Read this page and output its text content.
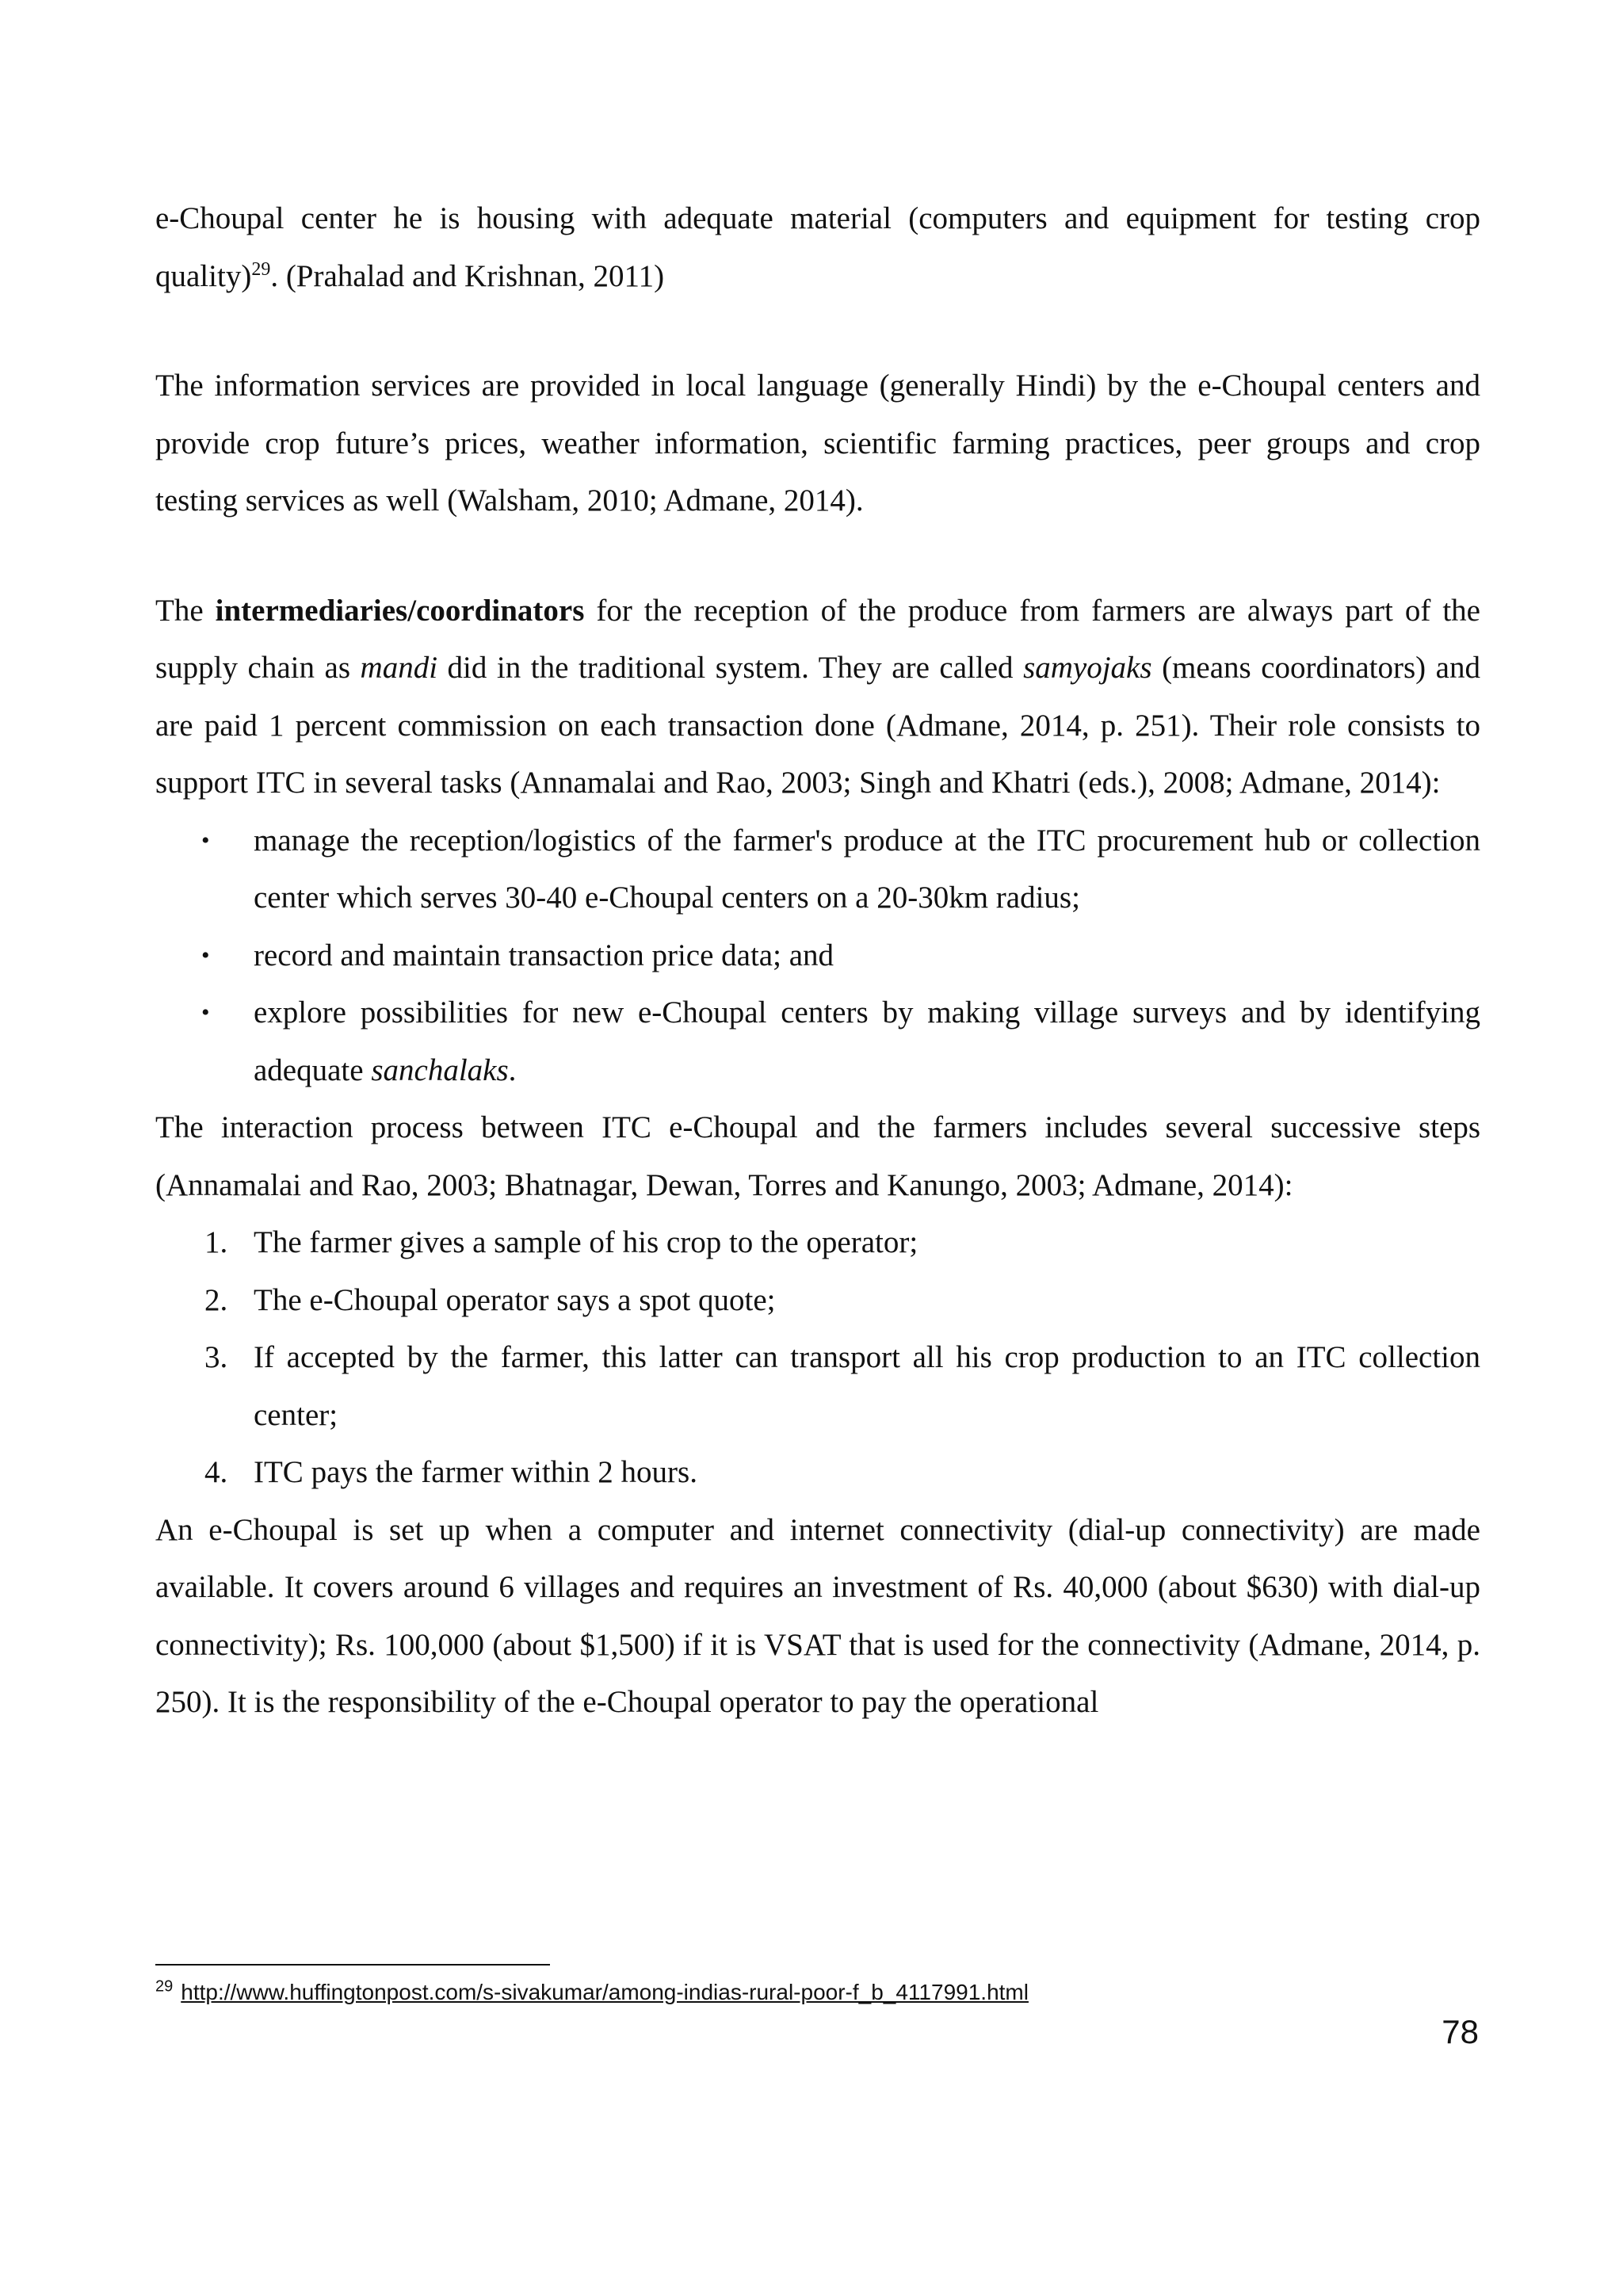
e-Choupal center he is housing with adequate material (computers and equipment for testing crop quality)$^{29}$. (Prahalad and Krishnan, 2011)

The information services are provided in local language (generally Hindi) by the e-Choupal centers and provide crop future’s prices, weather information, scientific farming practices, peer groups and crop testing services as well (Walsham, 2010; Admane, 2014).

The intermediaries/coordinators for the reception of the produce from farmers are always part of the supply chain as mandi did in the traditional system. They are called samyojaks (means coordinators) and are paid 1 percent commission on each transaction done (Admane, 2014, p. 251). Their role consists to support ITC in several tasks (Annamalai and Rao, 2003; Singh and Khatri (eds.), 2008; Admane, 2014):

• manage the reception/logistics of the farmer's produce at the ITC procurement hub or collection center which serves 30-40 e-Choupal centers on a 20-30km radius;
• record and maintain transaction price data; and
• explore possibilities for new e-Choupal centers by making village surveys and by identifying adequate sanchalaks.

The interaction process between ITC e-Choupal and the farmers includes several successive steps (Annamalai and Rao, 2003; Bhatnagar, Dewan, Torres and Kanungo, 2003; Admane, 2014):

1. The farmer gives a sample of his crop to the operator;
2. The e-Choupal operator says a spot quote;
3. If accepted by the farmer, this latter can transport all his crop production to an ITC collection center;
4. ITC pays the farmer within 2 hours.

An e-Choupal is set up when a computer and internet connectivity (dial-up connectivity) are made available. It covers around 6 villages and requires an investment of Rs. 40,000 (about $630) with dial-up connectivity); Rs. 100,000 (about $1,500) if it is VSAT that is used for the connectivity (Admane, 2014, p. 250). It is the responsibility of the e-Choupal operator to pay the operational

$^{29}$ http://www.huffingtonpost.com/s-sivakumar/among-indias-rural-poor-f_b_4117991.html
78
